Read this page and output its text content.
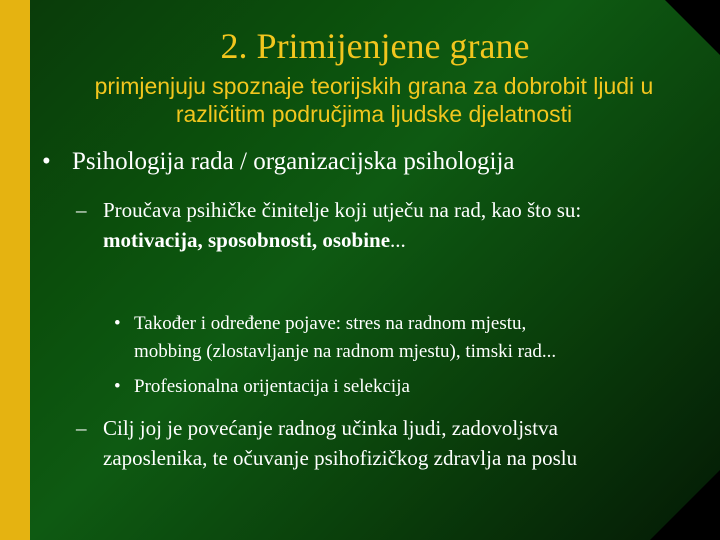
2. Primijenjene grane
primjenjuju spoznaje teorijskih grana za dobrobit ljudi u
različitim područjima ljudske djelatnosti
• Psihologija rada / organizacijska psihologija
– Proučava psihičke činitelje koji utječu na rad, kao što su:
motivacija, sposobnosti, osobine...
• Također i određene pojave: stres na radnom mjestu,
mobbing (zlostavljanje na radnom mjestu), timski rad...
• Profesionalna orijentacija i selekcija
– Cilj joj je povećanje radnog učinka ljudi, zadovoljstva
zaposlenika, te očuvanje psihofizičkog zdravlja na poslu
